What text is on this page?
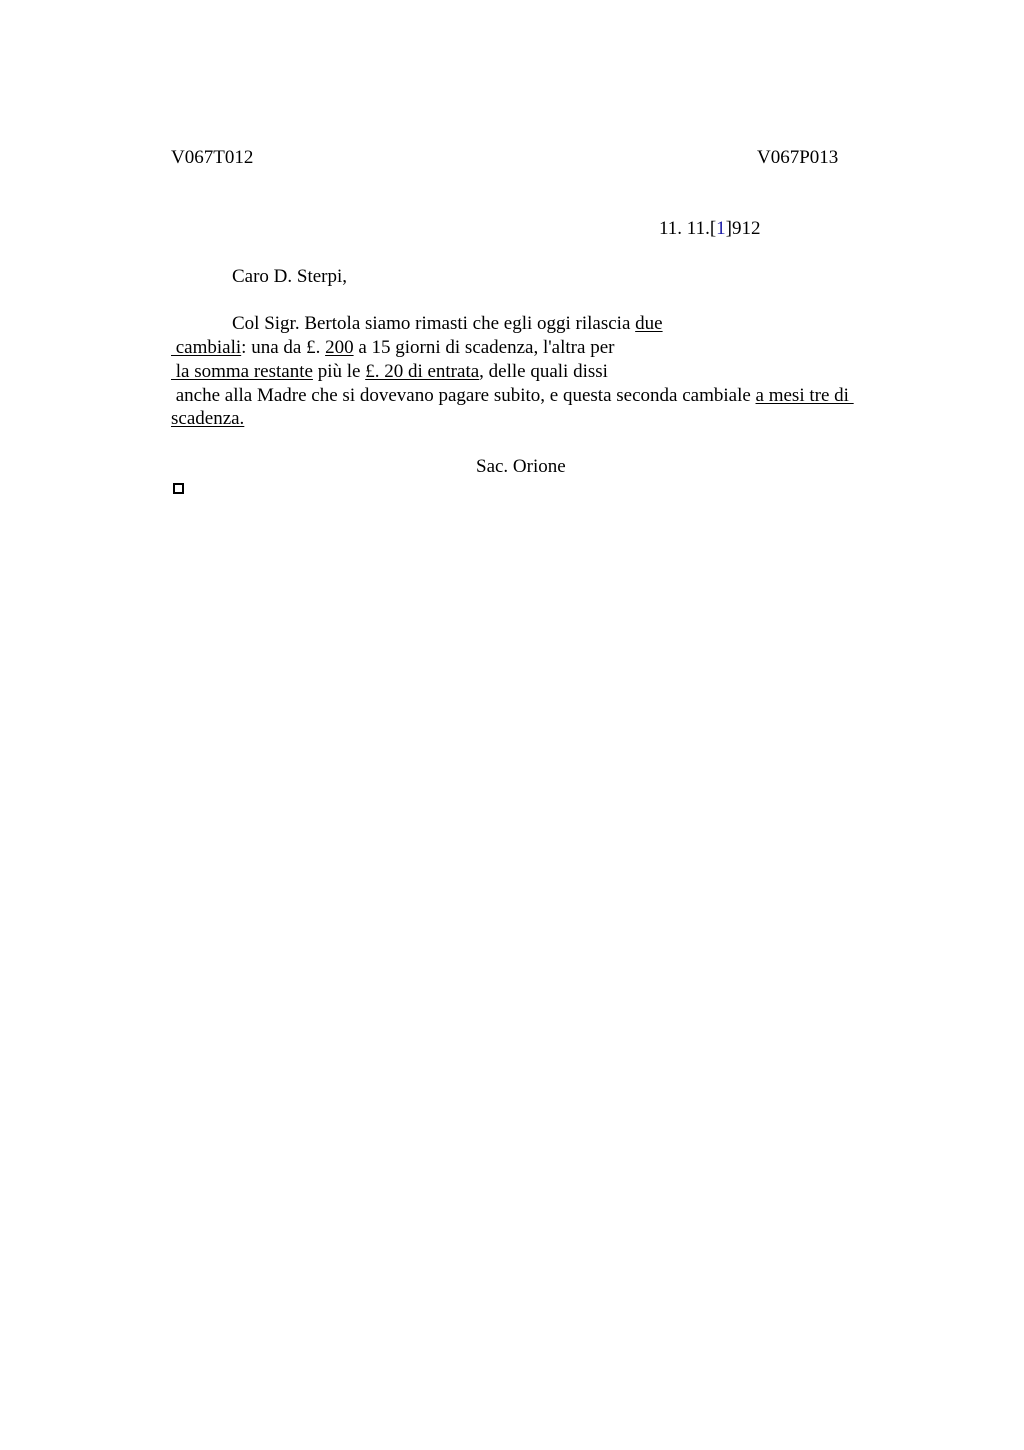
V067T012	V067P013
11. 11.[1]912
Caro D. Sterpi,
Col Sigr. Bertola siamo rimasti che egli oggi rilascia due
cambiali: una da £. 200 a 15 giorni di scadenza, l'altra per
la somma restante più le £. 20 di entrata, delle quali dissi
anche alla Madre che si dovevano pagare subito, e questa seconda cambiale a mesi tre di
scadenza.
Sac. Orione
